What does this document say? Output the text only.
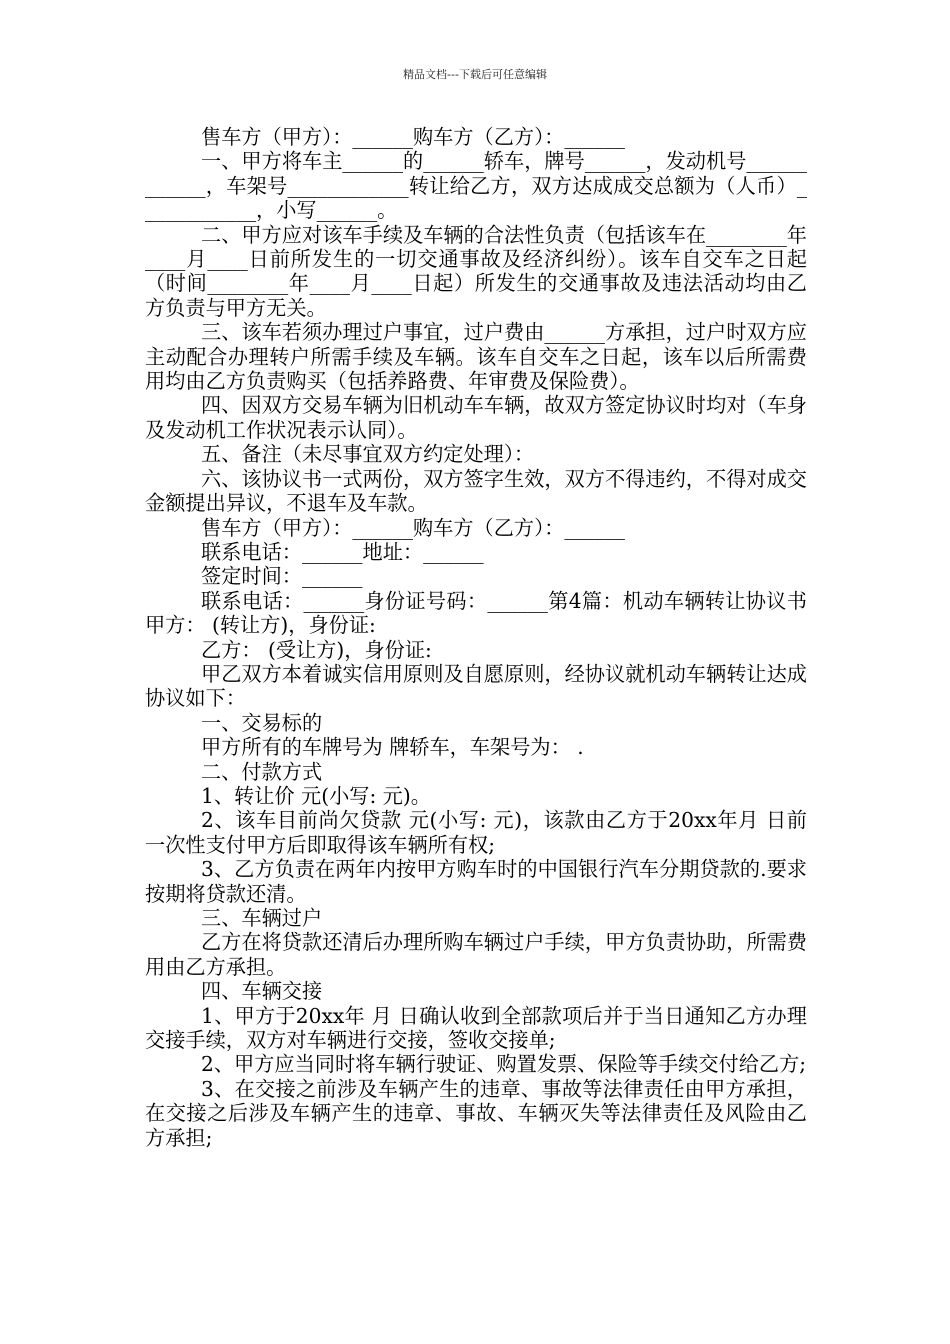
精品文档---下载后可任意编辑

售车方（甲方）：______购车方（乙方）：______

一、甲方将车主______的______轿车，牌号______，发动机号____________，车架号____________转让给乙方，双方达成成交总额为（人币）____________，小写______。

二、甲方应对该车手续及车辆的合法性负责（包括该车在________年____月____日前所发生的一切交通事故及经济纠纷）。该车自交车之日起（时间________年____月____日起）所发生的交通事故及违法活动均由乙方负责与甲方无关。

三、该车若须办理过户事宜，过户费由______方承担，过户时双方应主动配合办理转户所需手续及车辆。该车自交车之日起，该车以后所需费用均由乙方负责购买（包括养路费、年审费及保险费）。

四、因双方交易车辆为旧机动车车辆，故双方签定协议时均对（车身及发动机工作状况表示认同）。

五、备注（未尽事宜双方约定处理）：

六、该协议书一式两份，双方签字生效，双方不得违约，不得对成交金额提出异议，不退车及车款。

售车方（甲方）：______购车方（乙方）：______

联系电话：______地址：______

签定时间：______

联系电话：______身份证号码：______第4篇：机动车辆转让协议书甲方： (转让方)，身份证:

乙方： (受让方)，身份证:

甲乙双方本着诚实信用原则及自愿原则，经协议就机动车辆转让达成协议如下：

一、交易标的

甲方所有的车牌号为 牌轿车，车架号为： .

二、付款方式

1、转让价 元(小写: 元)。

2、该车目前尚欠贷款 元(小写: 元)，该款由乙方于20xx年月 日前一次性支付甲方后即取得该车辆所有权;

3、乙方负责在两年内按甲方购车时的中国银行汽车分期贷款的.要求按期将贷款还清。

三、车辆过户

乙方在将贷款还清后办理所购车辆过户手续，甲方负责协助，所需费用由乙方承担。

四、车辆交接

1、甲方于20xx年 月 日确认收到全部款项后并于当日通知乙方办理交接手续，双方对车辆进行交接，签收交接单;

2、甲方应当同时将车辆行驶证、购置发票、保险等手续交付给乙方;

3、在交接之前涉及车辆产生的违章、事故等法律责任由甲方承担，在交接之后涉及车辆产生的违章、事故、车辆灭失等法律责任及风险由乙方承担;
